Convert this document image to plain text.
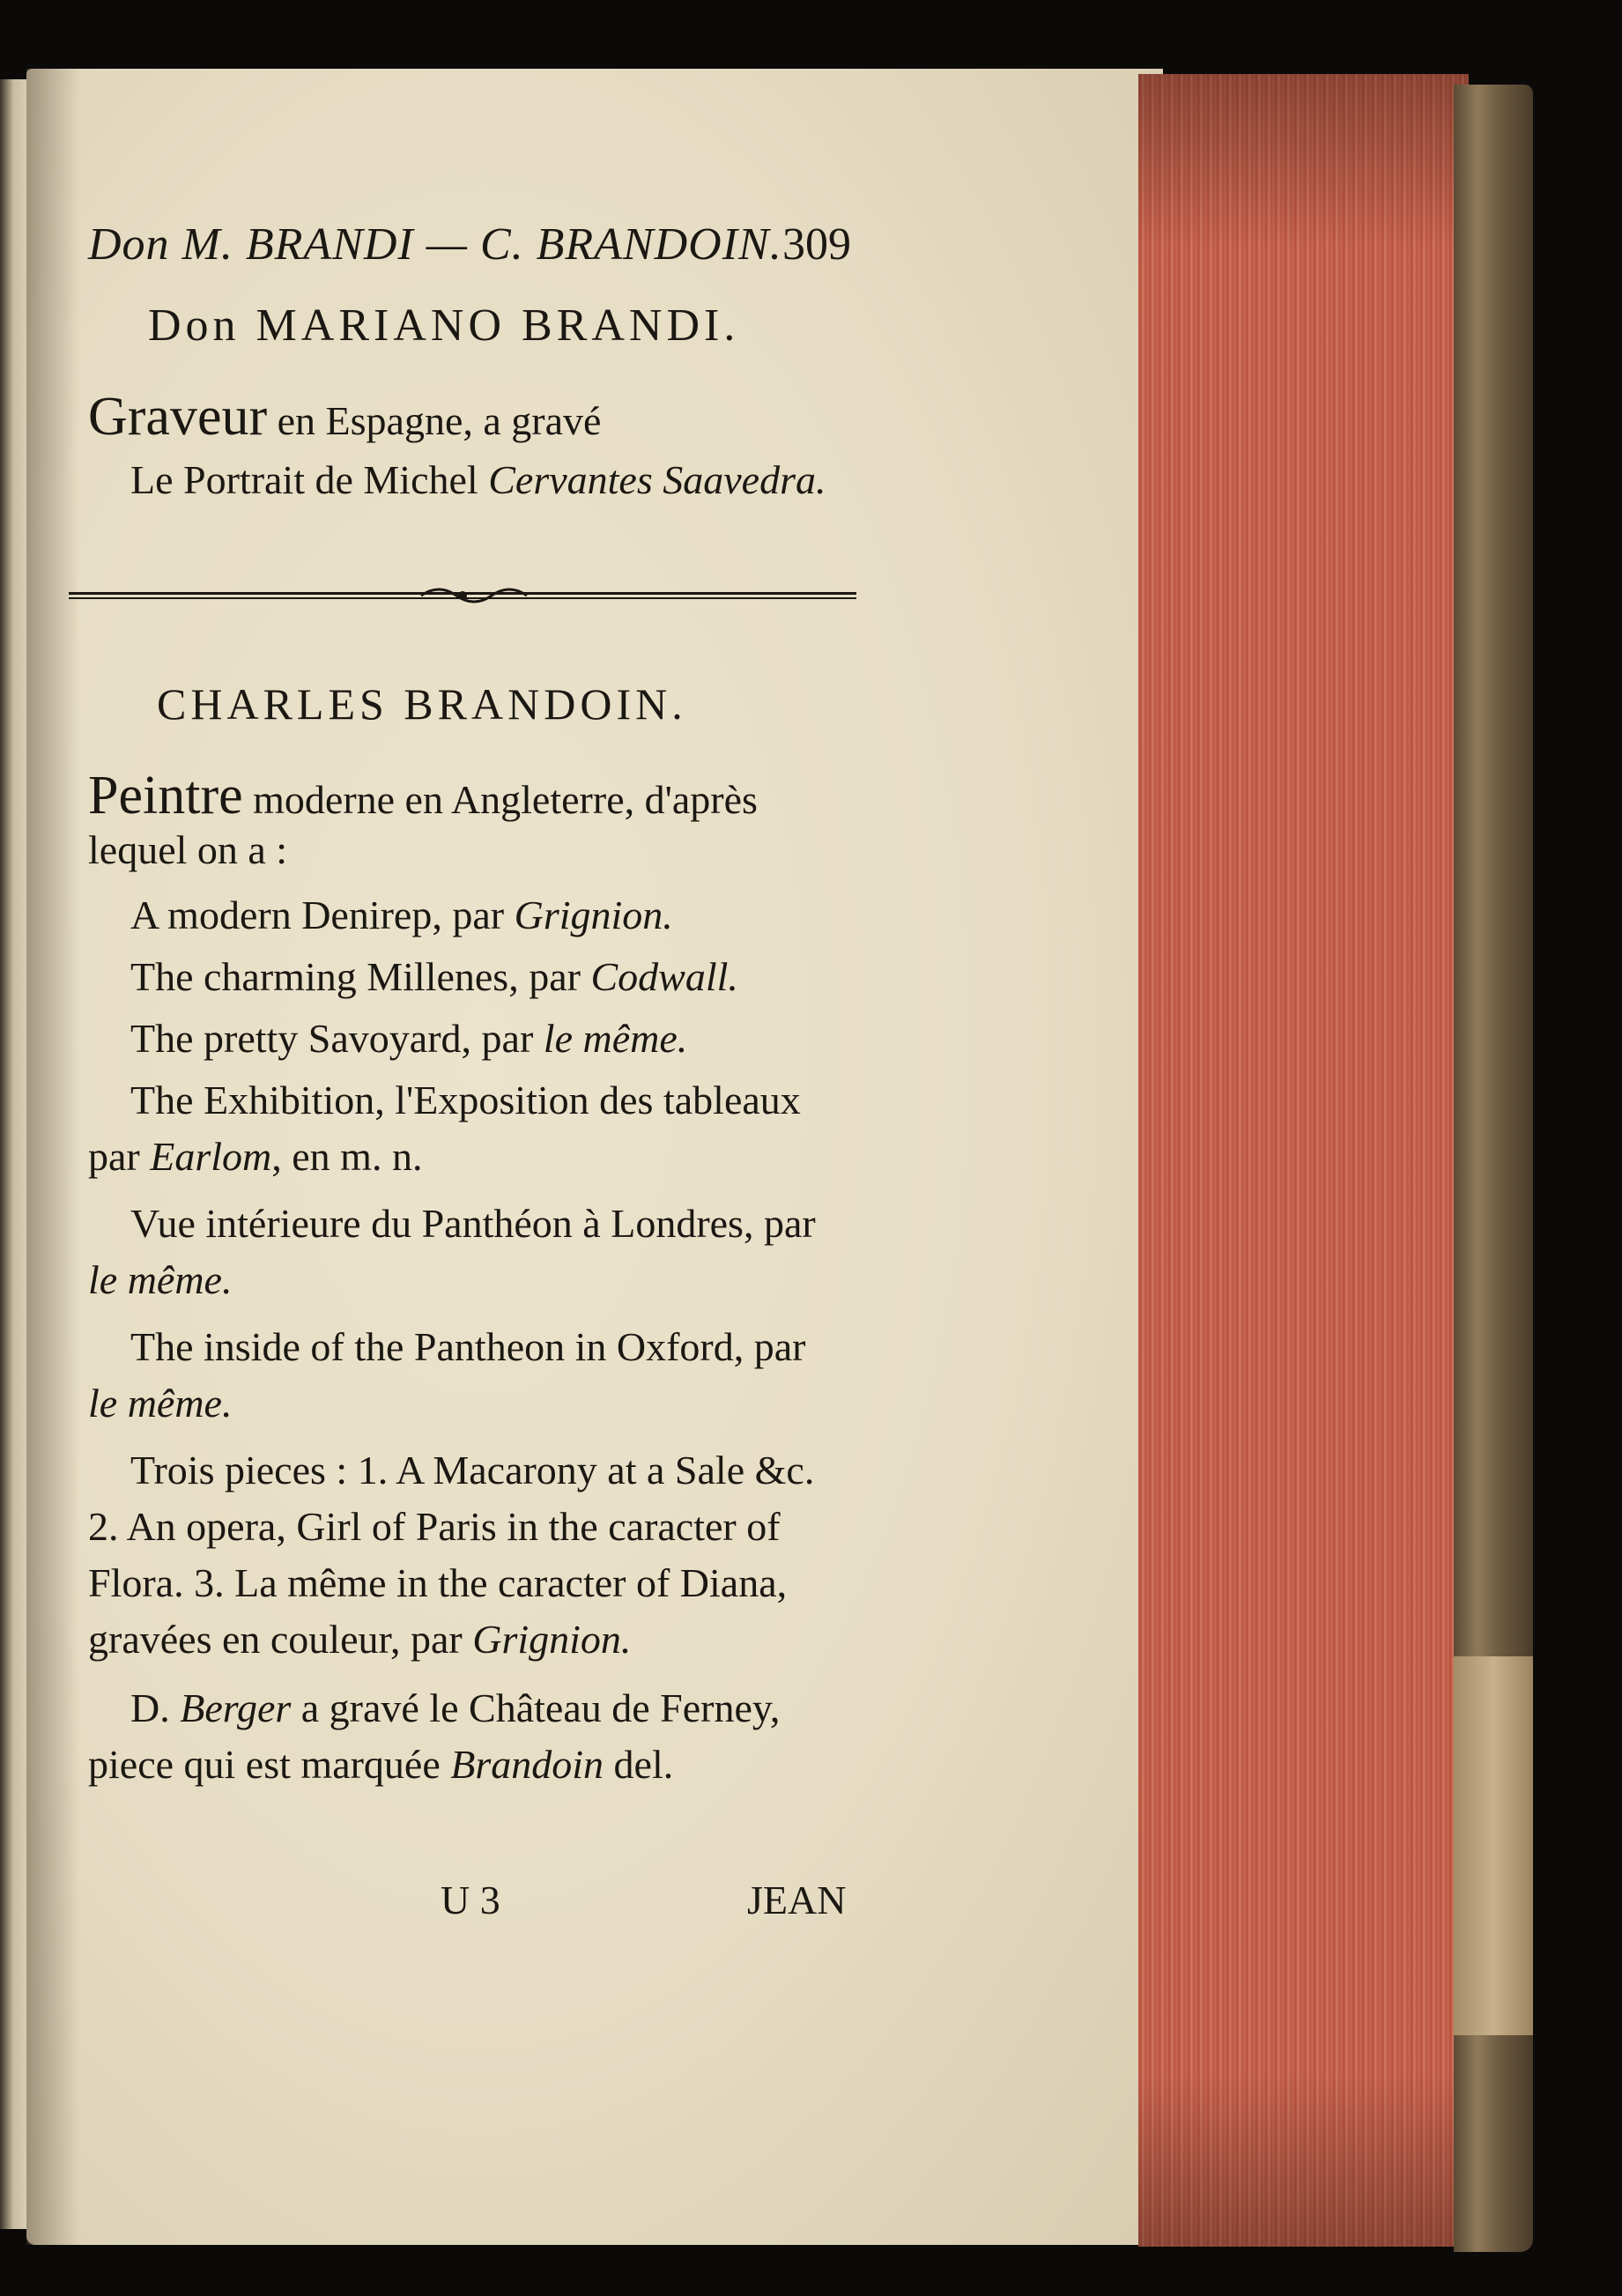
Don M. BRANDI — C. BRANDOIN. 309
Don MARIANO BRANDI.
Graveur en Espagne, a gravé
Le Portrait de Michel Cervantes Saavedra.
CHARLES BRANDOIN.
Peintre moderne en Angleterre, d'après
lequel on a :
A modern Denirep, par Grignion.
The charming Millenes, par Codwall.
The pretty Savoyard, par le même.
The Exhibition, l'Exposition des tableaux
par Earlom, en m. n.
Vue intérieure du Panthéon à Londres, par
le même.
The inside of the Pantheon in Oxford, par
le même.
Trois pieces : 1. A Macarony at a Sale &c.
2. An opera, Girl of Paris in the caracter of
Flora. 3. La même in the caracter of Diana,
gravées en couleur, par Grignion.
D. Berger a gravé le Château de Ferney,
piece qui est marquée Brandoin del.
U 3	JEAN
